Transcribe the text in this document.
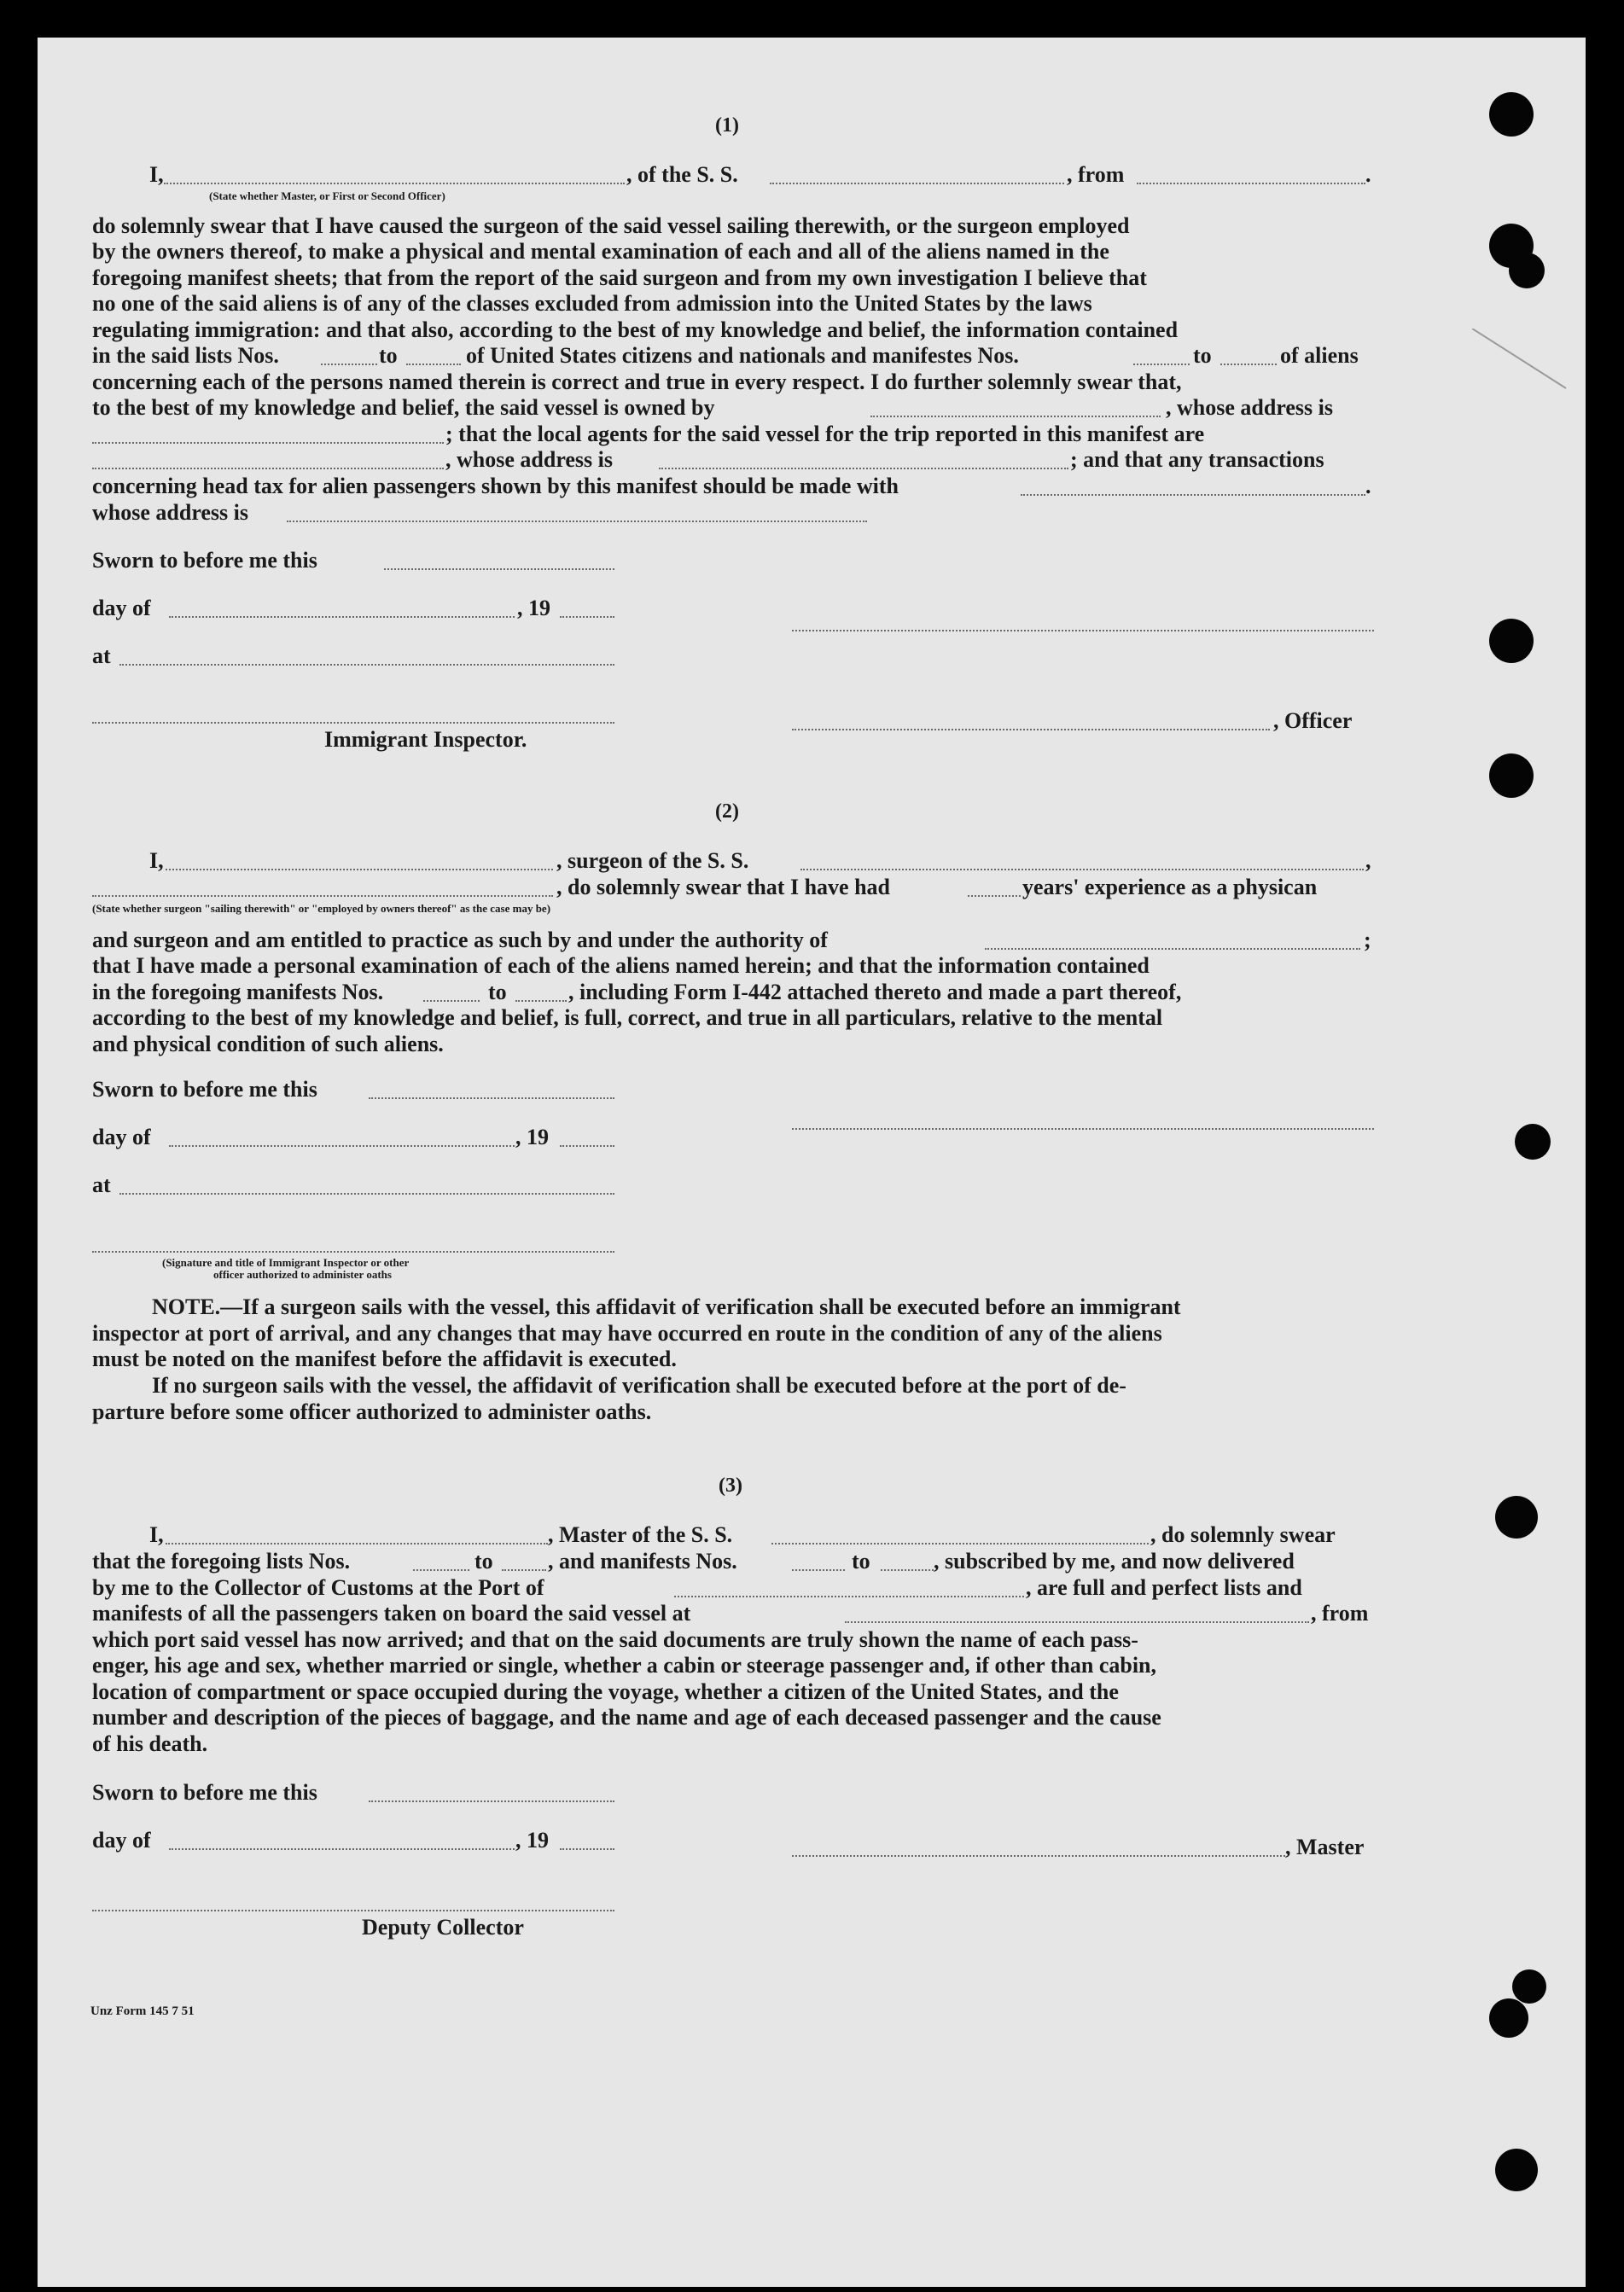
(1)
I,	, of the S. S.	, from	.
(State whether Master, or First or Second Officer)
do solemnly swear that I have caused the surgeon of the said vessel sailing therewith, or the surgeon employed
by the owners thereof, to make a physical and mental examination of each and all of the aliens named in the
foregoing manifest sheets; that from the report of the said surgeon and from my own investigation I believe that
no one of the said aliens is of any of the classes excluded from admission into the United States by the laws
regulating immigration: and that also, according to the best of my knowledge and belief, the information contained
in the said lists Nos.	to	of United States citizens and nationals and manifestes Nos.	to	of aliens
concerning each of the persons named therein is correct and true in every respect. I do further solemnly swear that,
to the best of my knowledge and belief, the said vessel is owned by	, whose address is
; that the local agents for the said vessel for the trip reported in this manifest are
, whose address is	; and that any transactions
concerning head tax for alien passengers shown by this manifest should be made with	.
whose address is
Sworn to before me this
day of	, 19
at
, Officer
Immigrant Inspector.
(2)
I,	, surgeon of the S. S.	,
, do solemnly swear that I have had	years' experience as a physican
(State whether surgeon "sailing therewith" or "employed by owners thereof" as the case may be)
and surgeon and am entitled to practice as such by and under the authority of	;
that I have made a personal examination of each of the aliens named herein; and that the information contained
in the foregoing manifests Nos.	to	, including Form I-442 attached thereto and made a part thereof,
according to the best of my knowledge and belief, is full, correct, and true in all particulars, relative to the mental
and physical condition of such aliens.
Sworn to before me this
day of	, 19
at
(Signature and title of Immigrant Inspector or other
officer authorized to administer oaths
NOTE.—If a surgeon sails with the vessel, this affidavit of verification shall be executed before an immigrant
inspector at port of arrival, and any changes that may have occurred en route in the condition of any of the aliens
must be noted on the manifest before the affidavit is executed.
If no surgeon sails with the vessel, the affidavit of verification shall be executed before at the port of de-
parture before some officer authorized to administer oaths.
(3)
I,	, Master of the S. S.	, do solemnly swear
that the foregoing lists Nos.	to , and manifests Nos.	to	, subscribed by me, and now delivered
by me to the Collector of Customs at the Port of	, are full and perfect lists and
manifests of all the passengers taken on board the said vessel at	, from
which port said vessel has now arrived; and that on the said documents are truly shown the name of each pass-
enger, his age and sex, whether married or single, whether a cabin or steerage passenger and, if other than cabin,
location of compartment or space occupied during the voyage, whether a citizen of the United States, and the
number and description of the pieces of baggage, and the name and age of each deceased passenger and the cause
of his death.
Sworn to before me this
day of	, 19	, Master
Deputy Collector
Unz Form 145 7 51
